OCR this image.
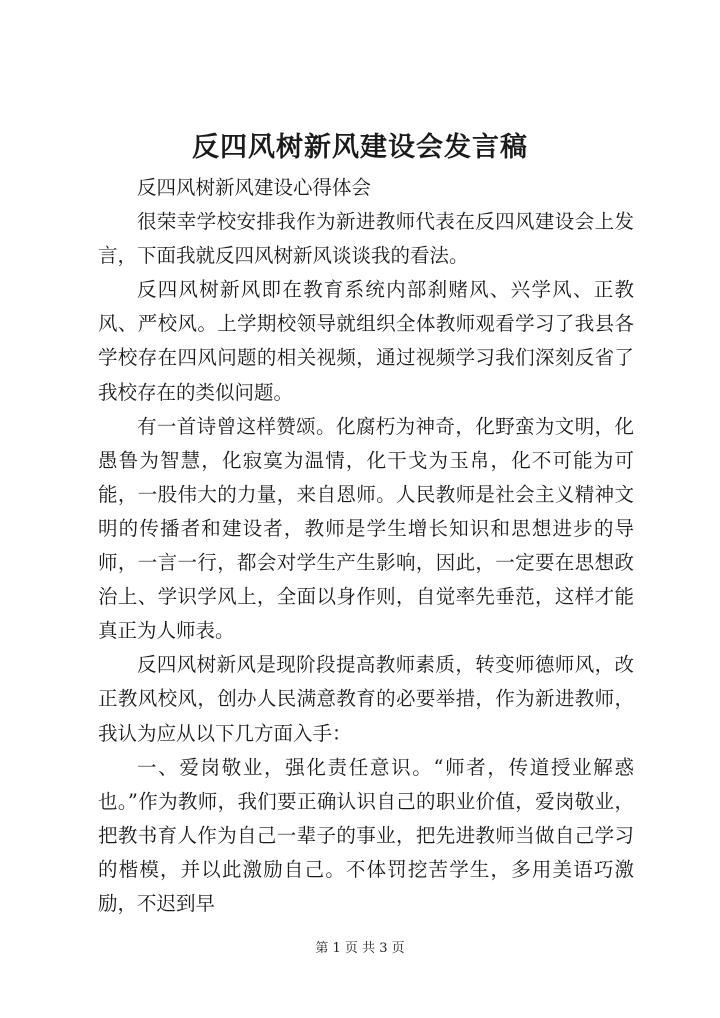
反四风树新风建设会发言稿

反四风树新风建设心得体会

很荣幸学校安排我作为新进教师代表在反四风建设会上发言，下面我就反四风树新风谈谈我的看法。

反四风树新风即在教育系统内部刹赌风、兴学风、正教风、严校风。上学期校领导就组织全体教师观看学习了我县各学校存在四风问题的相关视频，通过视频学习我们深刻反省了我校存在的类似问题。

有一首诗曾这样赞颂。化腐朽为神奇，化野蛮为文明，化愚鲁为智慧，化寂寞为温情，化干戈为玉帛，化不可能为可能，一股伟大的力量，来自恩师。人民教师是社会主义精神文明的传播者和建设者，教师是学生增长知识和思想进步的导师，一言一行，都会对学生产生影响，因此，一定要在思想政治上、学识学风上，全面以身作则，自觉率先垂范，这样才能真正为人师表。

反四风树新风是现阶段提高教师素质，转变师德师风，改正教风校风，创办人民满意教育的必要举措，作为新进教师，我认为应从以下几方面入手：

一、爱岗敬业，强化责任意识。“师者，传道授业解惑也。”作为教师，我们要正确认识自己的职业价值，爱岗敬业，把教书育人作为自己一辈子的事业，把先进教师当做自己学习的楷模，并以此激励自己。不体罚挖苦学生，多用美语巧激励，不迟到早

第 1 页 共 3 页
